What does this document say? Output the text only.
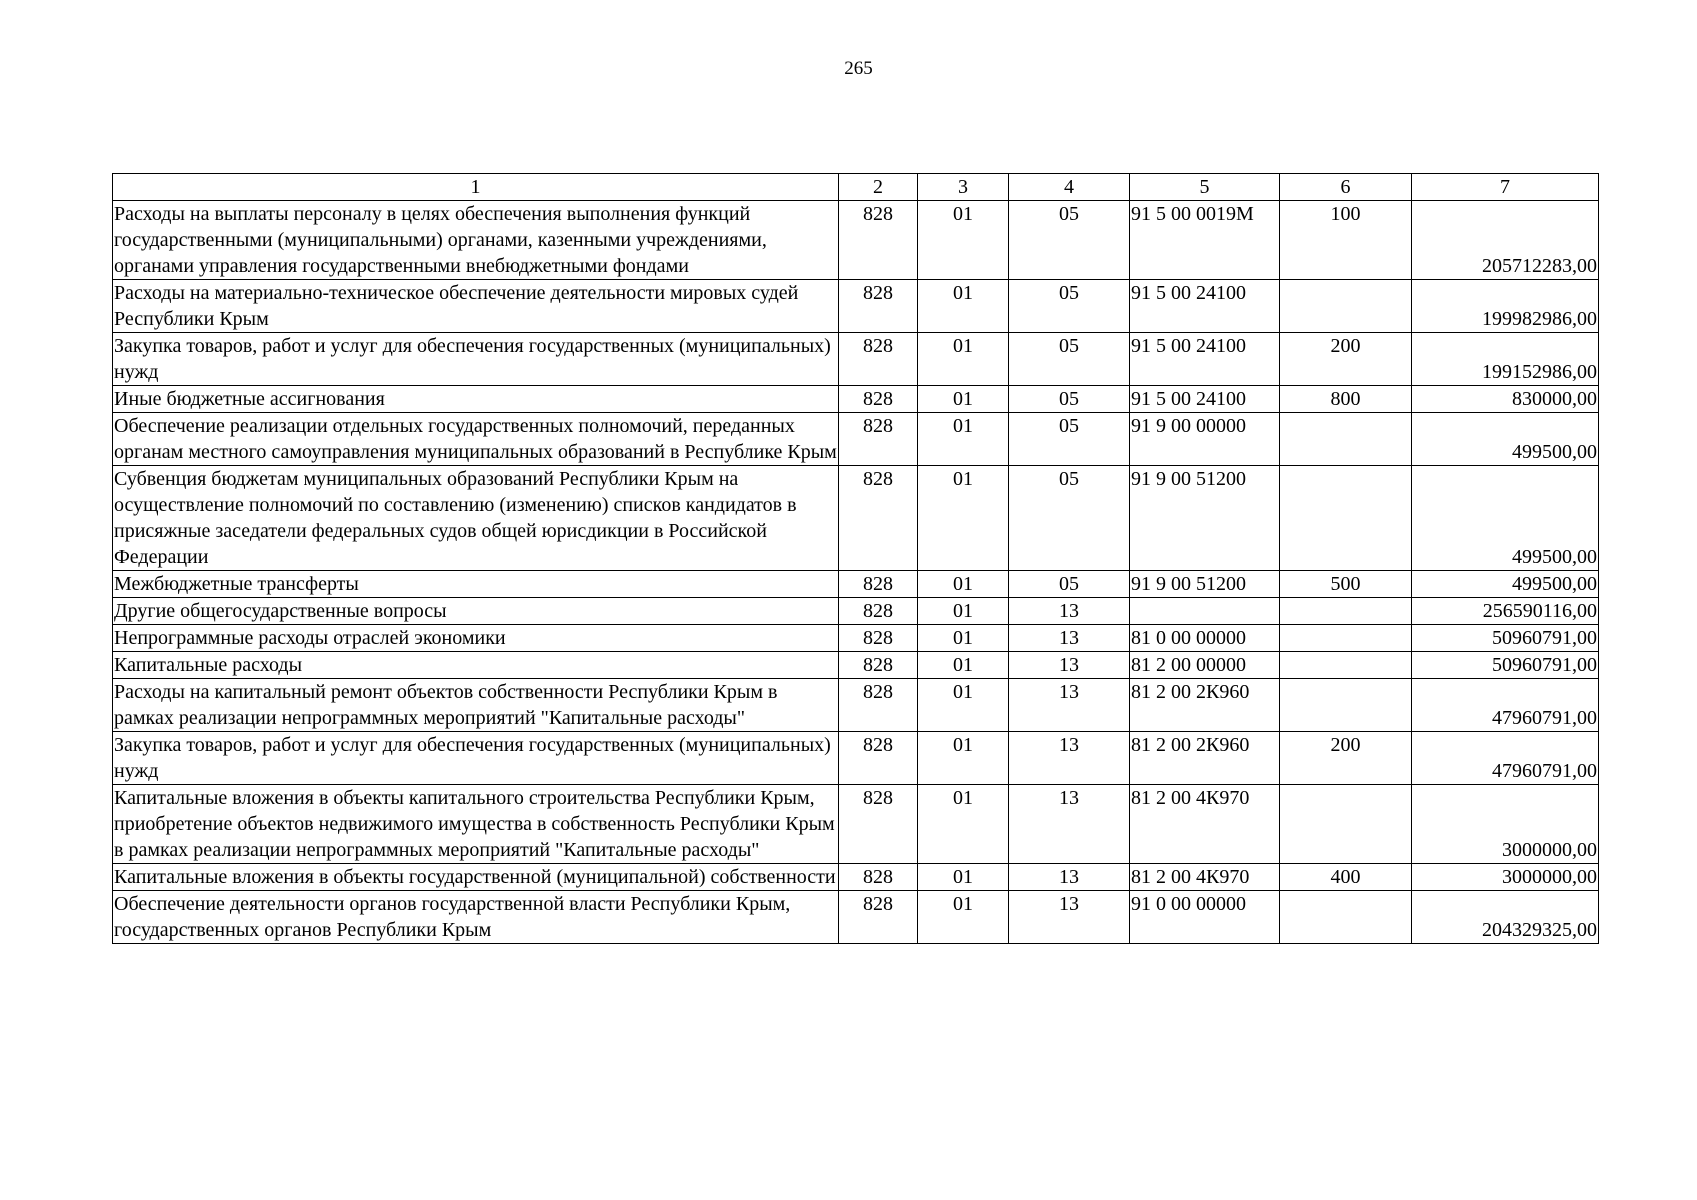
265
1	2	3	4	5	6	7
Расходы на выплаты персоналу в целях обеспечения выполнения функций государственными (муниципальными) органами, казенными учреждениями, органами управления государственными внебюджетными фондами	828	01	05	91 5 00 0019М	100	205712283,00
Расходы на материально-техническое обеспечение деятельности мировых судей Республики Крым	828	01	05	91 5 00 24100		199982986,00
Закупка товаров, работ и услуг для обеспечения государственных (муниципальных) нужд	828	01	05	91 5 00 24100	200	199152986,00
Иные бюджетные ассигнования	828	01	05	91 5 00 24100	800	830000,00
Обеспечение реализации отдельных государственных полномочий, переданных органам местного самоуправления муниципальных образований в Республике Крым	828	01	05	91 9 00 00000		499500,00
Субвенция бюджетам муниципальных образований Республики Крым на осуществление полномочий по составлению (изменению) списков кандидатов в присяжные заседатели федеральных судов общей юрисдикции в Российской Федерации	828	01	05	91 9 00 51200		499500,00
Межбюджетные трансферты	828	01	05	91 9 00 51200	500	499500,00
Другие общегосударственные вопросы	828	01	13			256590116,00
Непрограммные расходы отраслей экономики	828	01	13	81 0 00 00000		50960791,00
Капитальные расходы	828	01	13	81 2 00 00000		50960791,00
Расходы на капитальный ремонт объектов собственности Республики Крым в рамках реализации непрограммных мероприятий "Капитальные расходы"	828	01	13	81 2 00 2К960		47960791,00
Закупка товаров, работ и услуг для обеспечения государственных (муниципальных) нужд	828	01	13	81 2 00 2К960	200	47960791,00
Капитальные вложения в объекты капитального строительства Республики Крым, приобретение объектов недвижимого имущества в собственность Республики Крым в рамках реализации непрограммных мероприятий "Капитальные расходы"	828	01	13	81 2 00 4К970		3000000,00
Капитальные вложения в объекты государственной (муниципальной) собственности	828	01	13	81 2 00 4К970	400	3000000,00
Обеспечение деятельности органов государственной власти Республики Крым, государственных органов Республики Крым	828	01	13	91 0 00 00000		204329325,00
